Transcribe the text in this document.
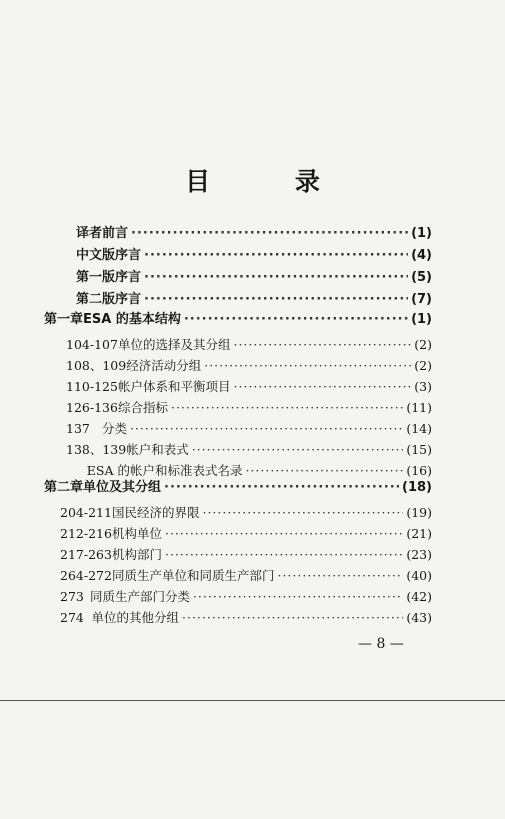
目 录
译者前言 ·····	(1)
中文版序言 ·····	(4)
第一版序言 ·····	(5)
第二版序言 ·····	(7)
第一章 ESA 的基本结构 ·····	(1)
104-107 单位的选择及其分组 ·····	(2)
108、109 经济活动分组 ·····	(2)
110-125 帐户体系和平衡项目 ·····	(3)
126-136 综合指标 ·····	(11)
137 分类 ·····	(14)
138、139 帐户和表式 ·····	(15)
ESA 的帐户和标准表式名录 ·····	(16)
第二章 单位及其分组 ·····	(18)
204-211 国民经济的界限 ·····	(19)
212-216 机构单位 ·····	(21)
217-263 机构部门 ·····	(23)
264-272 同质生产单位和同质生产部门 ·····	(40)
273 同质生产部门分类 ·····	(42)
274 单位的其他分组 ·····	(43)
— 8 —
